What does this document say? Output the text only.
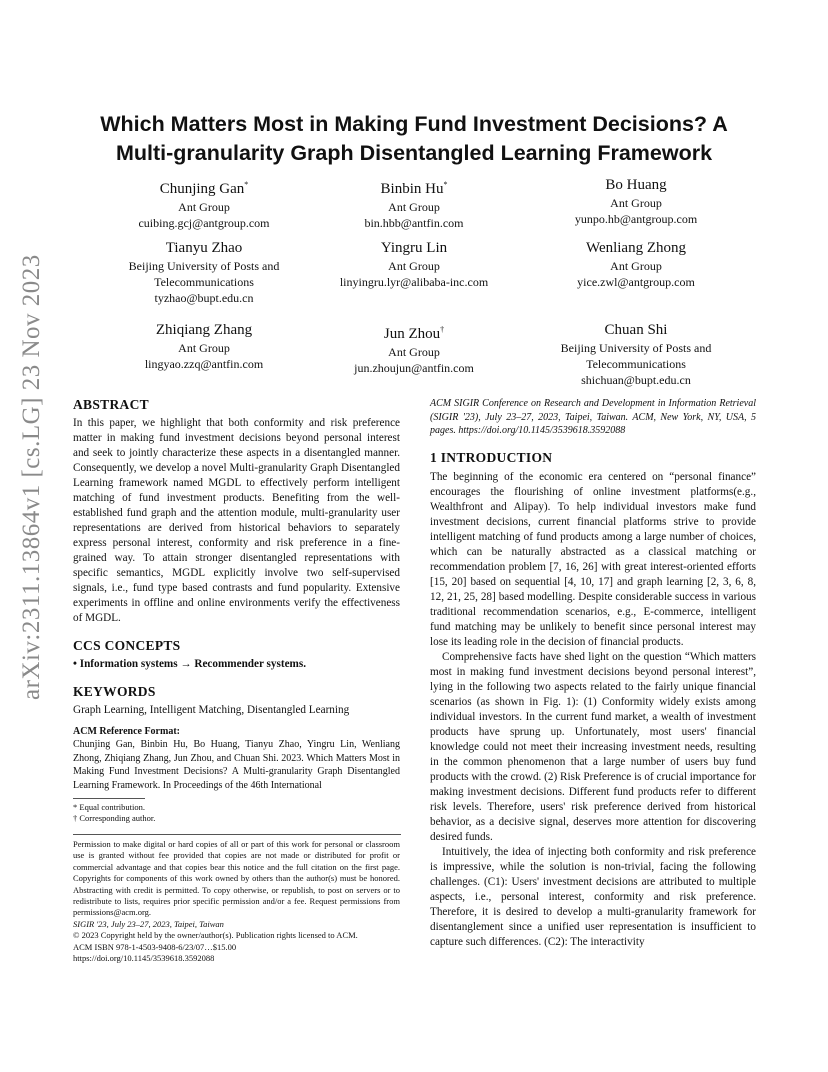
arXiv:2311.13864v1 [cs.LG] 23 Nov 2023
Which Matters Most in Making Fund Investment Decisions? A
Multi-granularity Graph Disentangled Learning Framework
Chunjing Gan*
Ant Group
cuibing.gcj@antgroup.com
Binbin Hu*
Ant Group
bin.hbb@antfin.com
Bo Huang
Ant Group
yunpo.hb@antgroup.com
Tianyu Zhao
Beijing University of Posts and
Telecommunications
tyzhao@bupt.edu.cn
Yingru Lin
Ant Group
linyingru.lyr@alibaba-inc.com
Wenliang Zhong
Ant Group
yice.zwl@antgroup.com
Zhiqiang Zhang
Ant Group
lingyao.zzq@antfin.com
Jun Zhou†
Ant Group
jun.zhoujun@antfin.com
Chuan Shi
Beijing University of Posts and
Telecommunications
shichuan@bupt.edu.cn
ABSTRACT

In this paper, we highlight that both conformity and risk preference matter in making fund investment decisions beyond personal interest and seek to jointly characterize these aspects in a disentangled manner. Consequently, we develop a novel Multi-granularity Graph Disentangled Learning framework named MGDL to effectively perform intelligent matching of fund investment products. Benefiting from the well-established fund graph and the attention module, multi-granularity user representations are derived from historical behaviors to separately express personal interest, conformity and risk preference in a fine-grained way. To attain stronger disentangled representations with specific semantics, MGDL explicitly involve two self-supervised signals, i.e., fund type based contrasts and fund popularity. Extensive experiments in offline and online environments verify the effectiveness of MGDL.

CCS CONCEPTS

• Information systems → Recommender systems.

KEYWORDS

Graph Learning, Intelligent Matching, Disentangled Learning

ACM Reference Format:

Chunjing Gan, Binbin Hu, Bo Huang, Tianyu Zhao, Yingru Lin, Wenliang Zhong, Zhiqiang Zhang, Jun Zhou, and Chuan Shi. 2023. Which Matters Most in Making Fund Investment Decisions? A Multi-granularity Graph Disentangled Learning Framework. In Proceedings of the 46th International

* Equal contribution.

† Corresponding author.

Permission to make digital or hard copies of all or part of this work for personal or classroom use is granted without fee provided that copies are not made or distributed for profit or commercial advantage and that copies bear this notice and the full citation on the first page. Copyrights for components of this work owned by others than the author(s) must be honored. Abstracting with credit is permitted. To copy otherwise, or republish, to post on servers or to redistribute to lists, requires prior specific permission and/or a fee. Request permissions from permissions@acm.org.

SIGIR '23, July 23–27, 2023, Taipei, Taiwan

© 2023 Copyright held by the owner/author(s). Publication rights licensed to ACM.

ACM ISBN 978-1-4503-9408-6/23/07…$15.00

https://doi.org/10.1145/3539618.3592088

ACM SIGIR Conference on Research and Development in Information Retrieval (SIGIR '23), July 23–27, 2023, Taipei, Taiwan. ACM, New York, NY, USA, 5 pages. https://doi.org/10.1145/3539618.3592088

1 INTRODUCTION

The beginning of the economic era centered on “personal finance” encourages the flourishing of online investment platforms(e.g., Wealthfront and Alipay). To help individual investors make fund investment decisions, current financial platforms strive to provide intelligent matching of fund products among a large number of choices, which can be naturally abstracted as a classical matching or recommendation problem [7, 16, 26] with great interest-oriented efforts [15, 20] based on sequential [4, 10, 17] and graph learning [2, 3, 6, 8, 12, 21, 25, 28] based modelling. Despite considerable success in various traditional recommendation scenarios, e.g., E-commerce, intelligent fund matching may be unlikely to benefit since personal interest may lose its leading role in the decision of financial products.

Comprehensive facts have shed light on the question “Which matters most in making fund investment decisions beyond personal interest”, lying in the following two aspects related to the fairly unique financial scenarios (as shown in Fig. 1): (1) Conformity widely exists among individual investors. In the current fund market, a wealth of investment products have sprung up. Unfortunately, most users' financial knowledge could not meet their increasing investment needs, resulting in the common phenomenon that a large number of users buy fund products with the crowd. (2) Risk Preference is of crucial importance for making investment decisions. Different fund products refer to different risk levels. Therefore, users' risk preference derived from historical behavior, as a decisive signal, deserves more attention for discovering desired funds.

Intuitively, the idea of injecting both conformity and risk preference is impressive, while the solution is non-trivial, facing the following challenges. (C1): Users' investment decisions are attributed to multiple aspects, i.e., personal interest, conformity and risk preference. Therefore, it is desired to develop a multi-granularity framework for disentanglement since a unified user representation is insufficient to capture such differences. (C2): The interactivity
